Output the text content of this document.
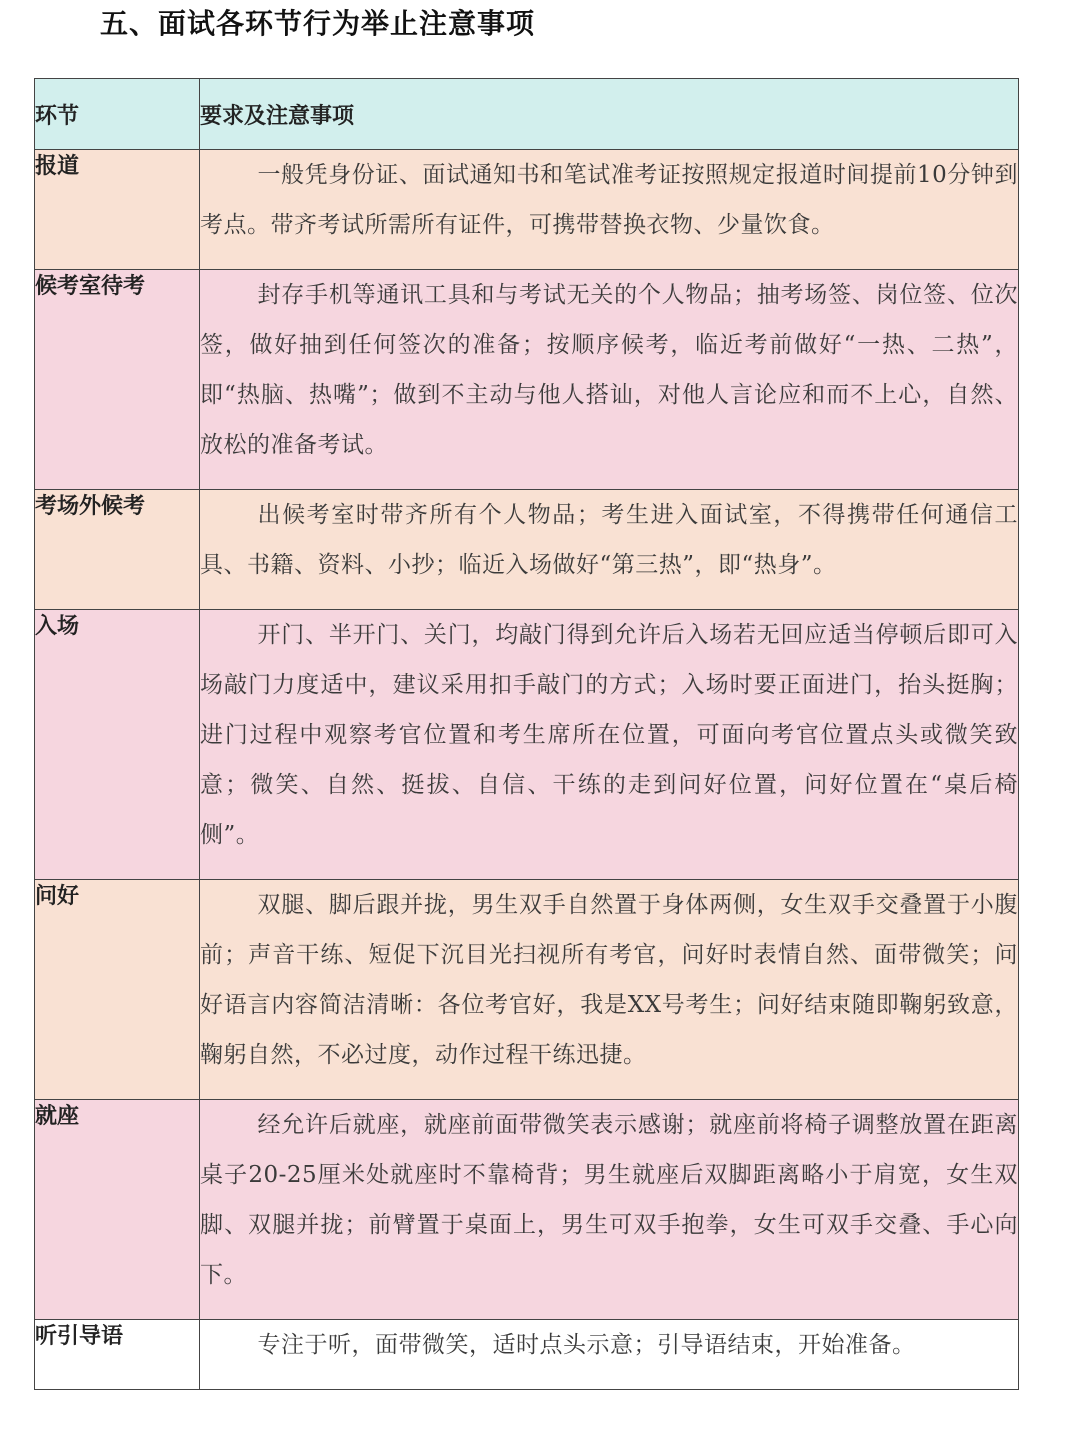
五、面试各环节行为举止注意事项
环节	要求及注意事项
报道	一般凭身份证、面试通知书和笔试准考证按照规定报道时间提前10分钟到考点。带齐考试所需所有证件，可携带替换衣物、少量饮食。
候考室待考	封存手机等通讯工具和与考试无关的个人物品；抽考场签、岗位签、位次签，做好抽到任何签次的准备；按顺序候考，临近考前做好“一热、二热”，即“热脑、热嘴”；做到不主动与他人搭讪，对他人言论应和而不上心，自然、放松的准备考试。
考场外候考	出候考室时带齐所有个人物品；考生进入面试室，不得携带任何通信工具、书籍、资料、小抄；临近入场做好“第三热”，即“热身”。
入场	开门、半开门、关门，均敲门得到允许后入场若无回应适当停顿后即可入场敲门力度适中，建议采用扣手敲门的方式；入场时要正面进门，抬头挺胸；进门过程中观察考官位置和考生席所在位置，可面向考官位置点头或微笑致意；微笑、自然、挺拔、自信、干练的走到问好位置，问好位置在“桌后椅侧”。
问好	双腿、脚后跟并拢，男生双手自然置于身体两侧，女生双手交叠置于小腹前；声音干练、短促下沉目光扫视所有考官，问好时表情自然、面带微笑；问好语言内容简洁清晰：各位考官好，我是XX号考生；问好结束随即鞠躬致意，鞠躬自然，不必过度，动作过程干练迅捷。
就座	经允许后就座，就座前面带微笑表示感谢；就座前将椅子调整放置在距离桌子20-25厘米处就座时不靠椅背；男生就座后双脚距离略小于肩宽，女生双脚、双腿并拢；前臂置于桌面上，男生可双手抱拳，女生可双手交叠、手心向下。
听引导语	专注于听，面带微笑，适时点头示意；引导语结束，开始准备。
